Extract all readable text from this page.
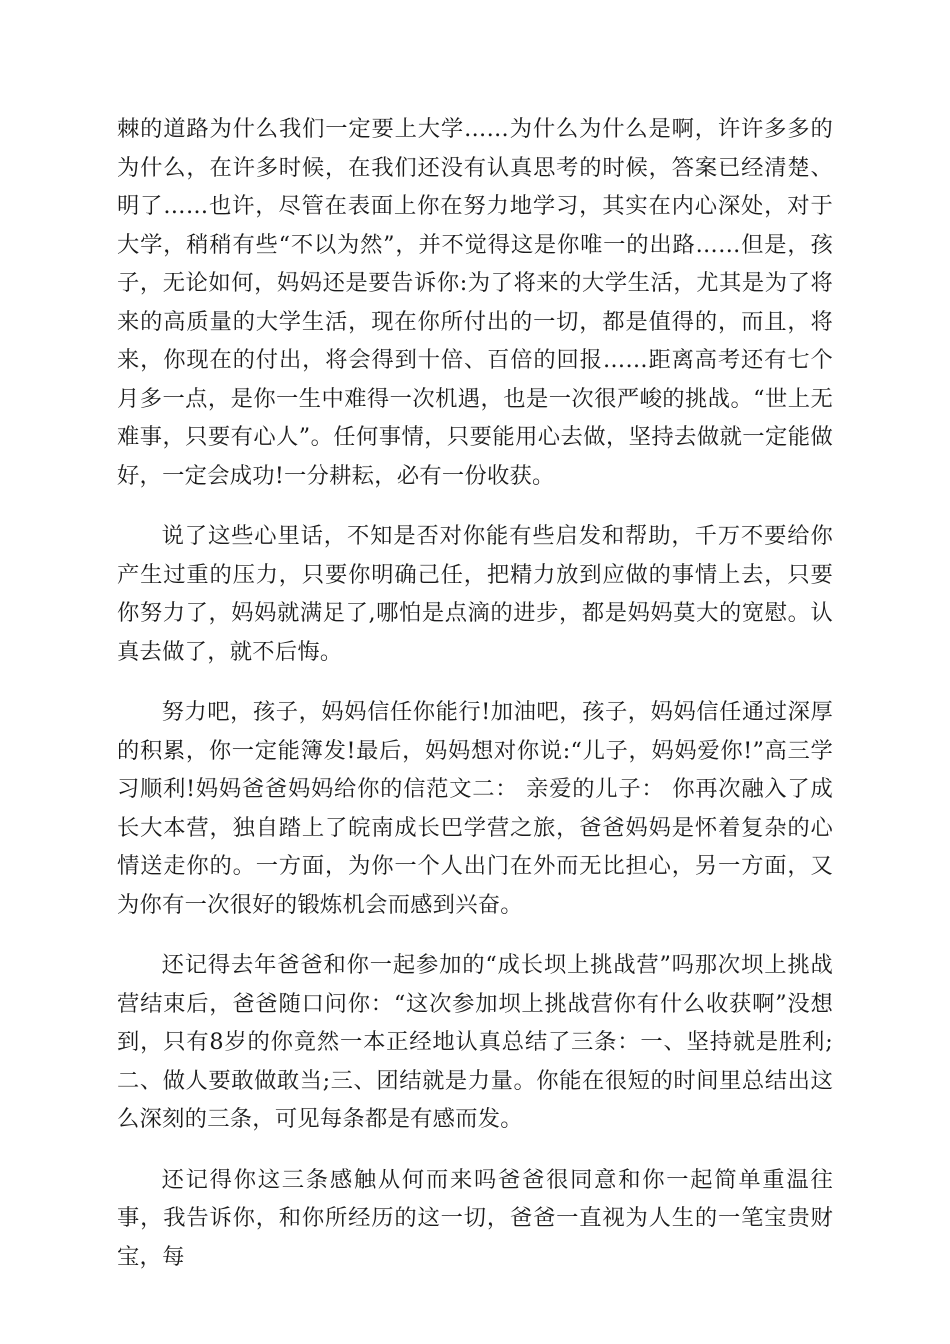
棘的道路为什么我们一定要上大学……为什么为什么是啊，许许多多的为什么，在许多时候，在我们还没有认真思考的时候，答案已经清楚、明了……也许，尽管在表面上你在努力地学习，其实在内心深处，对于大学，稍稍有些“不以为然”，并不觉得这是你唯一的出路……但是，孩子，无论如何，妈妈还是要告诉你:为了将来的大学生活，尤其是为了将来的高质量的大学生活，现在你所付出的一切，都是值得的，而且，将来，你现在的付出，将会得到十倍、百倍的回报……距离高考还有七个月多一点，是你一生中难得一次机遇，也是一次很严峻的挑战。“世上无难事，只要有心人”。任何事情，只要能用心去做，坚持去做就一定能做好，一定会成功!一分耕耘，必有一份收获。

说了这些心里话，不知是否对你能有些启发和帮助，千万不要给你产生过重的压力，只要你明确己任，把精力放到应做的事情上去，只要你努力了，妈妈就满足了,哪怕是点滴的进步，都是妈妈莫大的宽慰。认真去做了，就不后悔。

努力吧，孩子，妈妈信任你能行!加油吧，孩子，妈妈信任通过深厚的积累，你一定能簿发!最后，妈妈想对你说:“儿子，妈妈爱你!”高三学习顺利!妈妈爸爸妈妈给你的信范文二： 亲爱的儿子： 你再次融入了成长大本营，独自踏上了皖南成长巴学营之旅，爸爸妈妈是怀着复杂的心情送走你的。一方面，为你一个人出门在外而无比担心，另一方面，又为你有一次很好的锻炼机会而感到兴奋。

还记得去年爸爸和你一起参加的“成长坝上挑战营”吗那次坝上挑战营结束后，爸爸随口问你：“这次参加坝上挑战营你有什么收获啊”没想到，只有8岁的你竟然一本正经地认真总结了三条：一、坚持就是胜利;二、做人要敢做敢当;三、团结就是力量。你能在很短的时间里总结出这么深刻的三条，可见每条都是有感而发。

还记得你这三条感触从何而来吗爸爸很同意和你一起简单重温往事，我告诉你，和你所经历的这一切，爸爸一直视为人生的一笔宝贵财宝，每
